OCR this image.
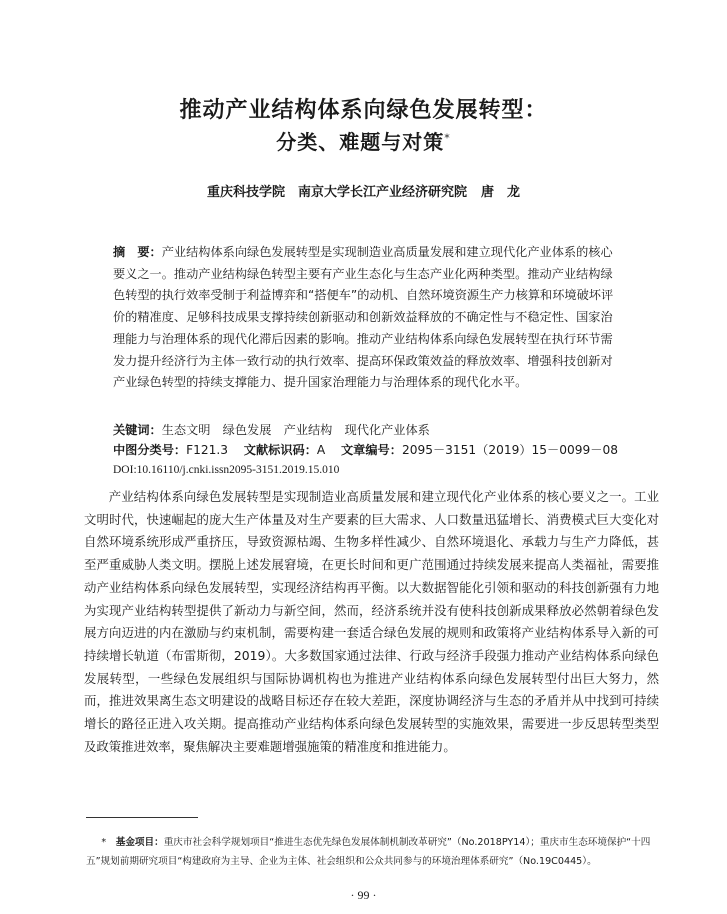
推动产业结构体系向绿色发展转型：
分类、难题与对策*
重庆科技学院　南京大学长江产业经济研究院 唐　龙

摘　要：产业结构体系向绿色发展转型是实现制造业高质量发展和建立现代化产业体系的核心要义之一。推动产业结构绿色转型主要有产业生态化与生态产业化两种类型。推动产业结构绿色转型的执行效率受制于利益博弈和“搭便车”的动机、自然环境资源生产力核算和环境破坏评价的精准度、足够科技成果支撑持续创新驱动和创新效益释放的不确定性与不稳定性、国家治理能力与治理体系的现代化滞后因素的影响。推动产业结构体系向绿色发展转型在执行环节需发力提升经济行为主体一致行动的执行效率、提高环保政策效益的释放效率、增强科技创新对产业绿色转型的持续支撑能力、提升国家治理能力与治理体系的现代化水平。

关键词：生态文明　绿色发展　产业结构　现代化产业体系
中图分类号：F121.3 文献标识码：A 文章编号：2095－3151（2019）15－0099－08
DOI:10.16110/j.cnki.issn2095-3151.2019.15.010

产业结构体系向绿色发展转型是实现制造业高质量发展和建立现代化产业体系的核心要义之一。工业文明时代，快速崛起的庞大生产体量及对生产要素的巨大需求、人口数量迅猛增长、消费模式巨大变化对自然环境系统形成严重挤压，导致资源枯竭、生物多样性减少、自然环境退化、承载力与生产力降低，甚至严重威胁人类文明。摆脱上述发展窘境，在更长时间和更广范围通过持续发展来提高人类福祉，需要推动产业结构体系向绿色发展转型，实现经济结构再平衡。以大数据智能化引领和驱动的科技创新强有力地为实现产业结构转型提供了新动力与新空间，然而，经济系统并没有使科技创新成果释放必然朝着绿色发展方向迈进的内在激励与约束机制，需要构建一套适合绿色发展的规则和政策将产业结构体系导入新的可持续增长轨道（布雷斯彻，2019）。大多数国家通过法律、行政与经济手段强力推动产业结构体系向绿色发展转型，一些绿色发展组织与国际协调机构也为推进产业结构体系向绿色发展转型付出巨大努力，然而，推进效果离生态文明建设的战略目标还存在较大差距，深度协调经济与生态的矛盾并从中找到可持续增长的路径正进入攻关期。提高推动产业结构体系向绿色发展转型的实施效果，需要进一步反思转型类型及政策推进效率，聚焦解决主要难题增强施策的精准度和推进能力。

*　 基金项目：重庆市社会科学规划项目“推进生态优先绿色发展体制机制改革研究”（No.2018PY14）；重庆市生态环境保护“十四五”规划前期研究项目“构建政府为主导、企业为主体、社会组织和公众共同参与的环境治理体系研究”（No.19C0445）。

· 99 ·
